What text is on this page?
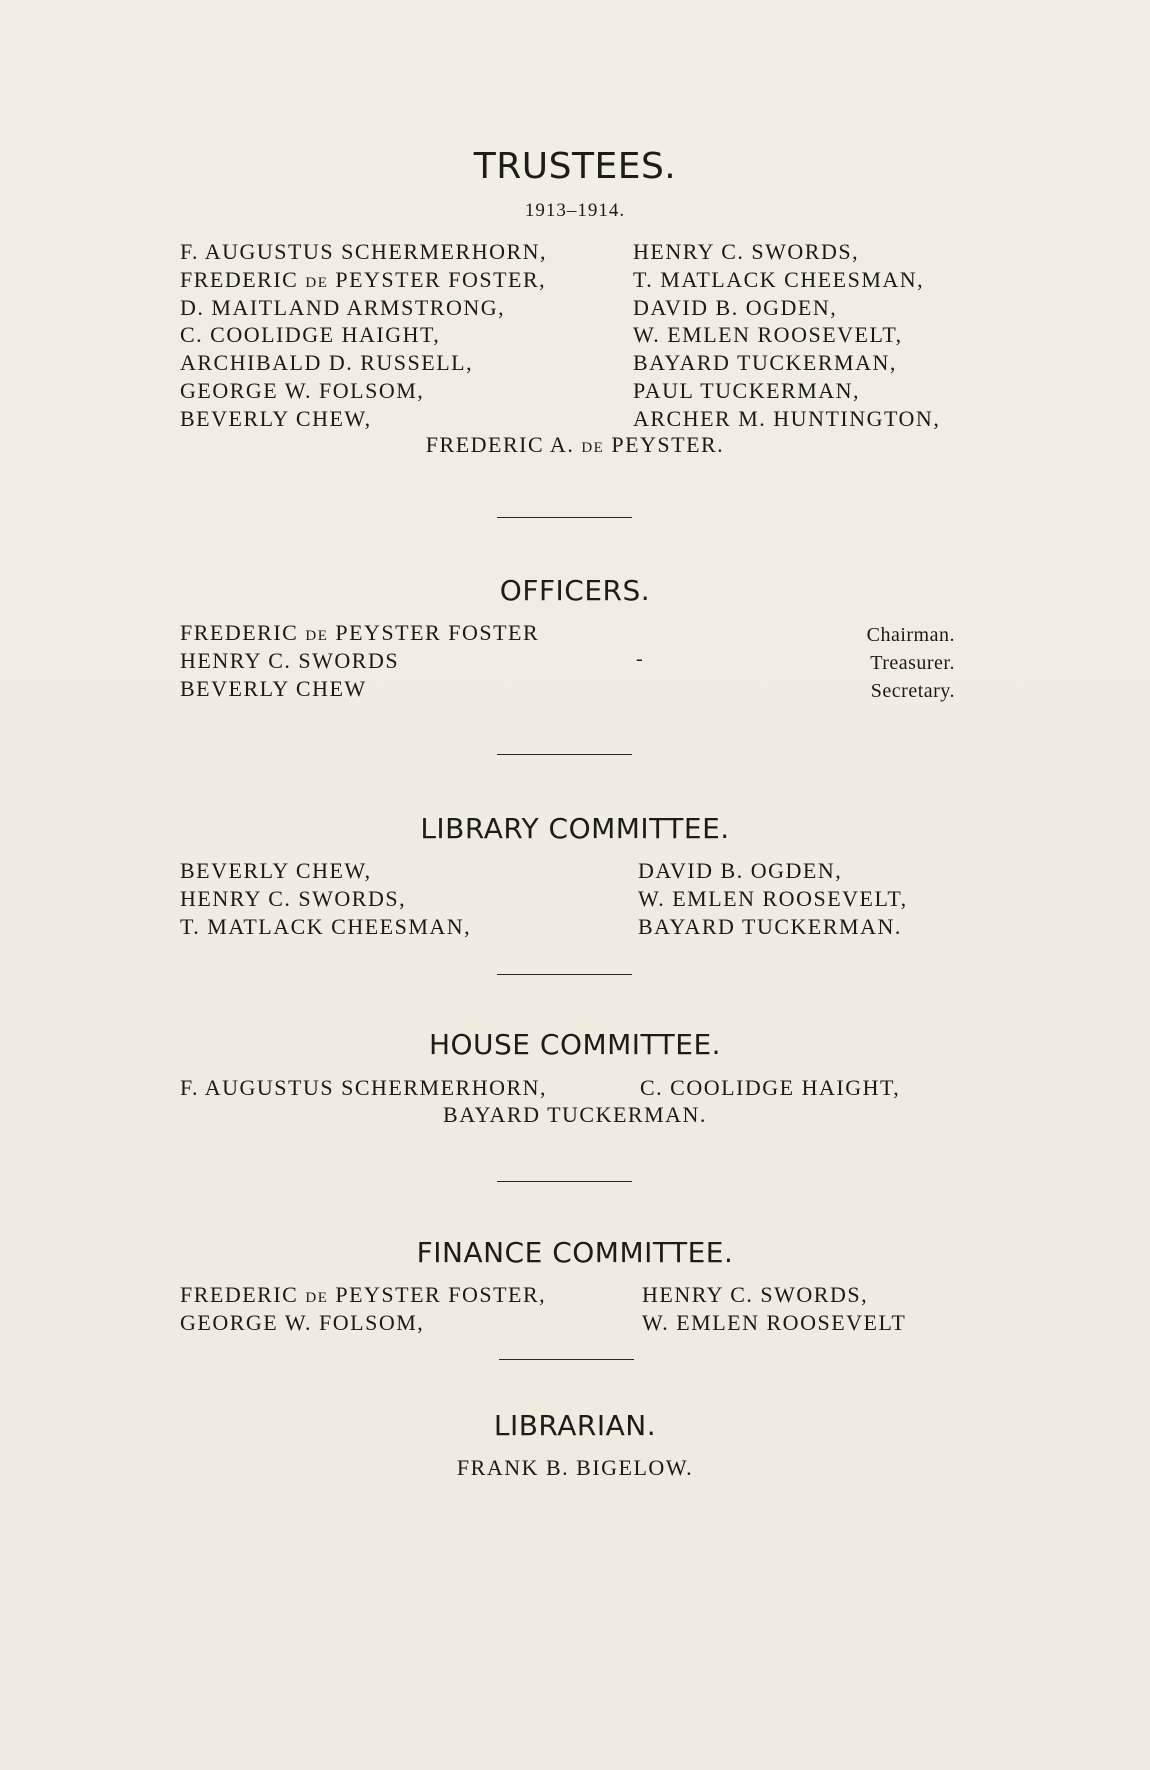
TRUSTEES.
1913–1914.
F. AUGUSTUS SCHERMERHORN,
FREDERIC DE PEYSTER FOSTER,
D. MAITLAND ARMSTRONG,
C. COOLIDGE HAIGHT,
ARCHIBALD D. RUSSELL,
GEORGE W. FOLSOM,
BEVERLY CHEW,
HENRY C. SWORDS,
T. MATLACK CHEESMAN,
DAVID B. OGDEN,
W. EMLEN ROOSEVELT,
BAYARD TUCKERMAN,
PAUL TUCKERMAN,
ARCHER M. HUNTINGTON,
FREDERIC A. DE PEYSTER.
OFFICERS.
FREDERIC DE PEYSTER FOSTER
HENRY C. SWORDS
BEVERLY CHEW
-
Chairman.
Treasurer.
Secretary.
LIBRARY COMMITTEE.
BEVERLY CHEW,
HENRY C. SWORDS,
T. MATLACK CHEESMAN,
DAVID B. OGDEN,
W. EMLEN ROOSEVELT,
BAYARD TUCKERMAN.
HOUSE COMMITTEE.
F. AUGUSTUS SCHERMERHORN,	C. COOLIDGE HAIGHT,
BAYARD TUCKERMAN.
FINANCE COMMITTEE.
FREDERIC DE PEYSTER FOSTER,
GEORGE W. FOLSOM,
HENRY C. SWORDS,
W. EMLEN ROOSEVELT
LIBRARIAN.
FRANK B. BIGELOW.
